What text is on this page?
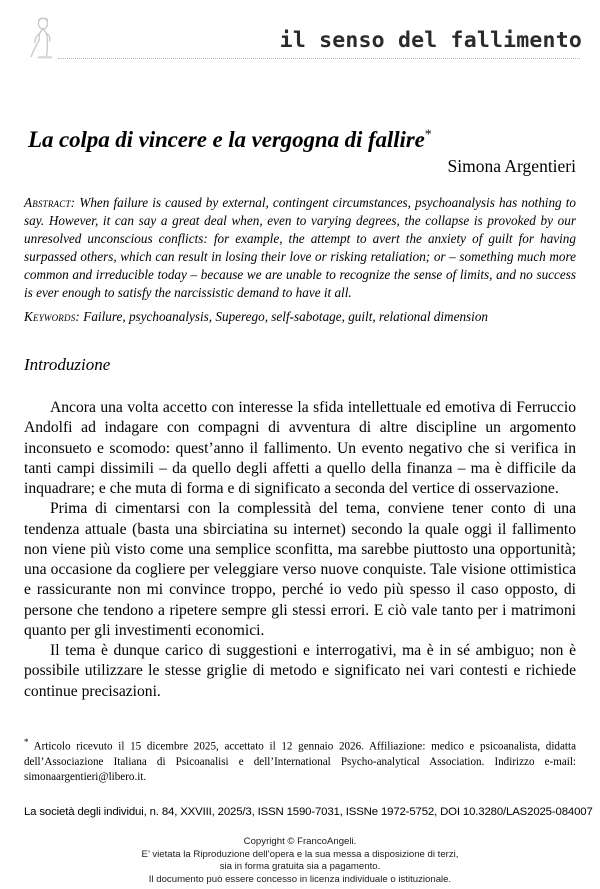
il senso del fallimento
La colpa di vincere e la vergogna di fallire*
Simona Argentieri
Abstract: When failure is caused by external, contingent circumstances, psychoanalysis has nothing to say. However, it can say a great deal when, even to varying degrees, the collapse is provoked by our unresolved unconscious conflicts: for example, the attempt to avert the anxiety of guilt for having surpassed others, which can result in losing their love or risking retaliation; or – something much more common and irreducible today – because we are unable to recognize the sense of limits, and no success is ever enough to satisfy the narcissistic demand to have it all.
Keywords: Failure, psychoanalysis, Superego, self-sabotage, guilt, relational dimension
Introduzione

Ancora una volta accetto con interesse la sfida intellettuale ed emotiva di Ferruccio Andolfi ad indagare con compagni di avventura di altre discipline un argomento inconsueto e scomodo: quest’anno il fallimento. Un evento negativo che si verifica in tanti campi dissimili – da quello degli affetti a quello della finanza – ma è difficile da inquadrare; e che muta di forma e di significato a seconda del vertice di osservazione.

Prima di cimentarsi con la complessità del tema, conviene tener conto di una tendenza attuale (basta una sbirciatina su internet) secondo la quale oggi il fallimento non viene più visto come una semplice sconfitta, ma sarebbe piuttosto una opportunità; una occasione da cogliere per veleggiare verso nuove conquiste. Tale visione ottimistica e rassicurante non mi convince troppo, perché io vedo più spesso il caso opposto, di persone che tendono a ripetere sempre gli stessi errori. E ciò vale tanto per i matrimoni quanto per gli investimenti economici.

Il tema è dunque carico di suggestioni e interrogativi, ma è in sé ambiguo; non è possibile utilizzare le stesse griglie di metodo e significato nei vari contesti e richiede continue precisazioni.

* Articolo ricevuto il 15 dicembre 2025, accettato il 12 gennaio 2026. Affiliazione: medico e psicoanalista, didatta dell’Associazione Italiana di Psicoanalisi e dell’International Psycho-analytical Association. Indirizzo e-mail: simonaargentieri@libero.it.
La società degli individui, n. 84, XXVIII, 2025/3, ISSN 1590-7031, ISSNe 1972-5752, DOI 10.3280/LAS2025-084007
Copyright © FrancoAngeli.
E’ vietata la Riproduzione dell’opera e la sua messa a disposizione di terzi,
sia in forma gratuita sia a pagamento.
Il documento può essere concesso in licenza individuale o istituzionale.
